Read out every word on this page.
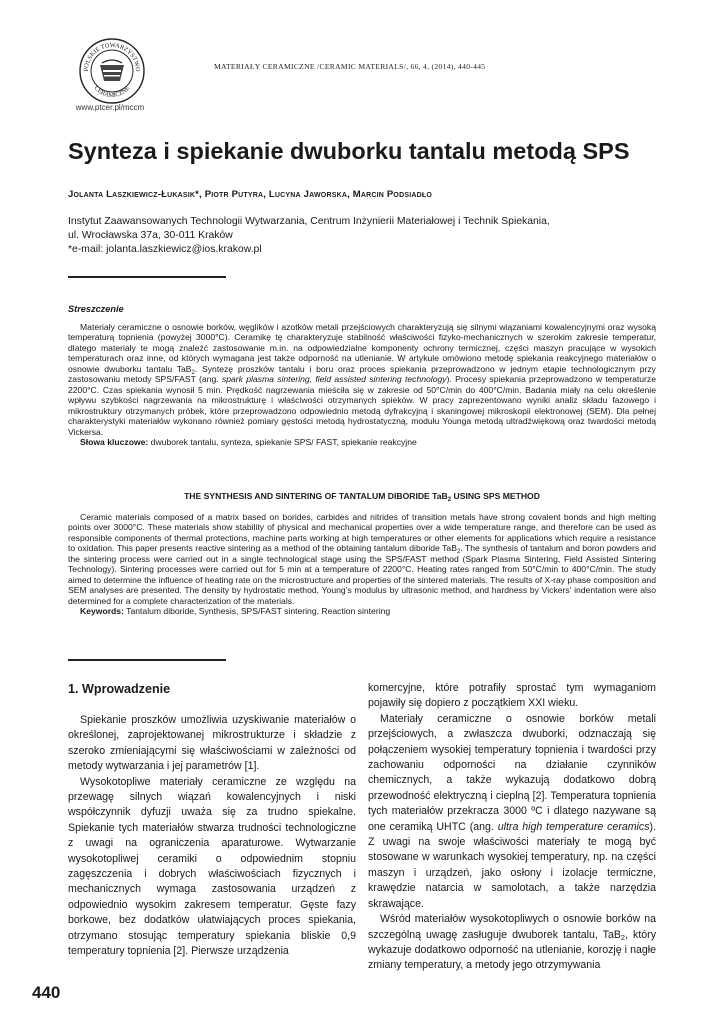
POLSKIE TOWARZYSTWO
CERAMICZNE
www.ptcer.pl/mccm
MATERIAŁY CERAMICZNE /CERAMIC MATERIALS/, 66, 4, (2014), 440-445
Synteza i spiekanie dwuborku tantalu metodą SPS
Jolanta Laszkiewicz-Łukasik*, Piotr Putyra, Lucyna Jaworska, Marcin Podsiadło
Instytut Zaawansowanych Technologii Wytwarzania, Centrum Inżynierii Materiałowej i Technik Spiekania,
ul. Wrocławska 37a, 30-011 Kraków
*e-mail: jolanta.laszkiewicz@ios.krakow.pl
Streszczenie

Materiały ceramiczne o osnowie borków, węglików i azotków metali przejściowych charakteryzują się silnymi wiązaniami kowalencyjnymi oraz wysoką temperaturą topnienia (powyżej 3000°C). Ceramikę tę charakteryzuje stabilność właściwości fizyko-mechanicznych w szerokim zakresie temperatur, dlatego materiały te mogą znaleźć zastosowanie m.in. na odpowiedzialne komponenty ochrony termicznej, części maszyn pracujące w wysokich temperaturach oraz inne, od których wymagana jest także odporność na utlenianie. W artykule omówiono metodę spiekania reakcyjnego materiałów o osnowie dwuborku tantalu TaB$_2$. Syntezę proszków tantalu i boru oraz proces spiekania przeprowadzono w jednym etapie technologicznym przy zastosowaniu metody SPS/FAST (ang. spark plasma sintering, field assisted sintering technology). Procesy spiekania przeprowadzono w temperaturze 2200°C. Czas spiekania wynosił 5 min. Prędkość nagrzewania mieściła się w zakresie od 50°C/min do 400°C/min. Badania miały na celu określenie wpływu szybkości nagrzewania na mikrostrukturę i właściwości otrzymanych spieków. W pracy zaprezentowano wyniki analiz składu fazowego i mikrostruktury otrzymanych próbek, które przeprowadzono odpowiednio metodą dyfrakcyjną i skaningowej mikroskopii elektronowej (SEM). Dla pełnej charakterystyki materiałów wykonano również pomiary gęstości metodą hydrostatyczną, modułu Younga metodą ultradźwiękową oraz twardości metodą Vickersa.

Słowa kluczowe: dwuborek tantalu, synteza, spiekanie SPS/ FAST, spiekanie reakcyjne
THE SYNTHESIS AND SINTERING OF TANTALUM DIBORIDE TaB$_2$ USING SPS METHOD

Ceramic materials composed of a matrix based on borides, carbides and nitrides of transition metals have strong covalent bonds and high melting points over 3000°C. These materials show stability of physical and mechanical properties over a wide temperature range, and therefore can be used as responsible components of thermal protections, machine parts working at high temperatures or other elements for applications which require a resistance to oxidation. This paper presents reactive sintering as a method of the obtaining tantalum diboride TaB$_2$. The synthesis of tantalum and boron powders and the sintering process were carried out in a single technological stage using the SPS/FAST method (Spark Plasma Sintering, Field Assisted Sintering Technology). Sintering processes were carried out for 5 min at a temperature of 2200°C. Heating rates ranged from 50°C/min to 400°C/min. The study aimed to determine the influence of heating rate on the microstructure and properties of the sintered materials. The results of X-ray phase composition and SEM analyses are presented. The density by hydrostatic method, Young's modulus by ultrasonic method, and hardness by Vickers' indentation were also determined for a complete characterization of the materials.

Keywords: Tantalum diboride, Synthesis, SPS/FAST sintering, Reaction sintering
1. Wprowadzenie

Spiekanie proszków umożliwia uzyskiwanie materiałów o określonej, zaprojektowanej mikrostrukturze i składzie z szeroko zmieniającymi się właściwościami w zależności od metody wytwarzania i jej parametrów [1].

Wysokotopliwe materiały ceramiczne ze względu na przewagę silnych wiązań kowalencyjnych i niski współczynnik dyfuzji uważa się za trudno spiekalne. Spiekanie tych materiałów stwarza trudności technologiczne z uwagi na ograniczenia aparaturowe. Wytwarzanie wysokotopliwej ceramiki o odpowiednim stopniu zagęszczenia i dobrych właściwościach fizycznych i mechanicznych wymaga zastosowania urządzeń z odpowiednio wysokim zakresem temperatur. Gęste fazy borkowe, bez dodatków ułatwiających proces spiekania, otrzymano stosując temperatury spiekania bliskie 0,9 temperatury topnienia [2]. Pierwsze urządzenia

komercyjne, które potrafiły sprostać tym wymaganiom pojawiły się dopiero z początkiem XXI wieku.

Materiały ceramiczne o osnowie borków metali przejściowych, a zwłaszcza dwuborki, odznaczają się połączeniem wysokiej temperatury topnienia i twardości przy zachowaniu odporności na działanie czynników chemicznych, a także wykazują dodatkowo dobrą przewodność elektryczną i cieplną [2]. Temperatura topnienia tych materiałów przekracza 3000 ºC i dlatego nazywane są one ceramiką UHTC (ang. ultra high temperature ceramics). Z uwagi na swoje właściwości materiały te mogą być stosowane w warunkach wysokiej temperatury, np. na części maszyn i urządzeń, jako osłony i izolacje termiczne, krawędzie natarcia w samolotach, a także narzędzia skrawające.

Wśród materiałów wysokotopliwych o osnowie borków na szczególną uwagę zasługuje dwuborek tantalu, TaB$_2$, który wykazuje dodatkowo odporność na utlenianie, korozję i nagłe zmiany temperatury, a metody jego otrzymywania

440
